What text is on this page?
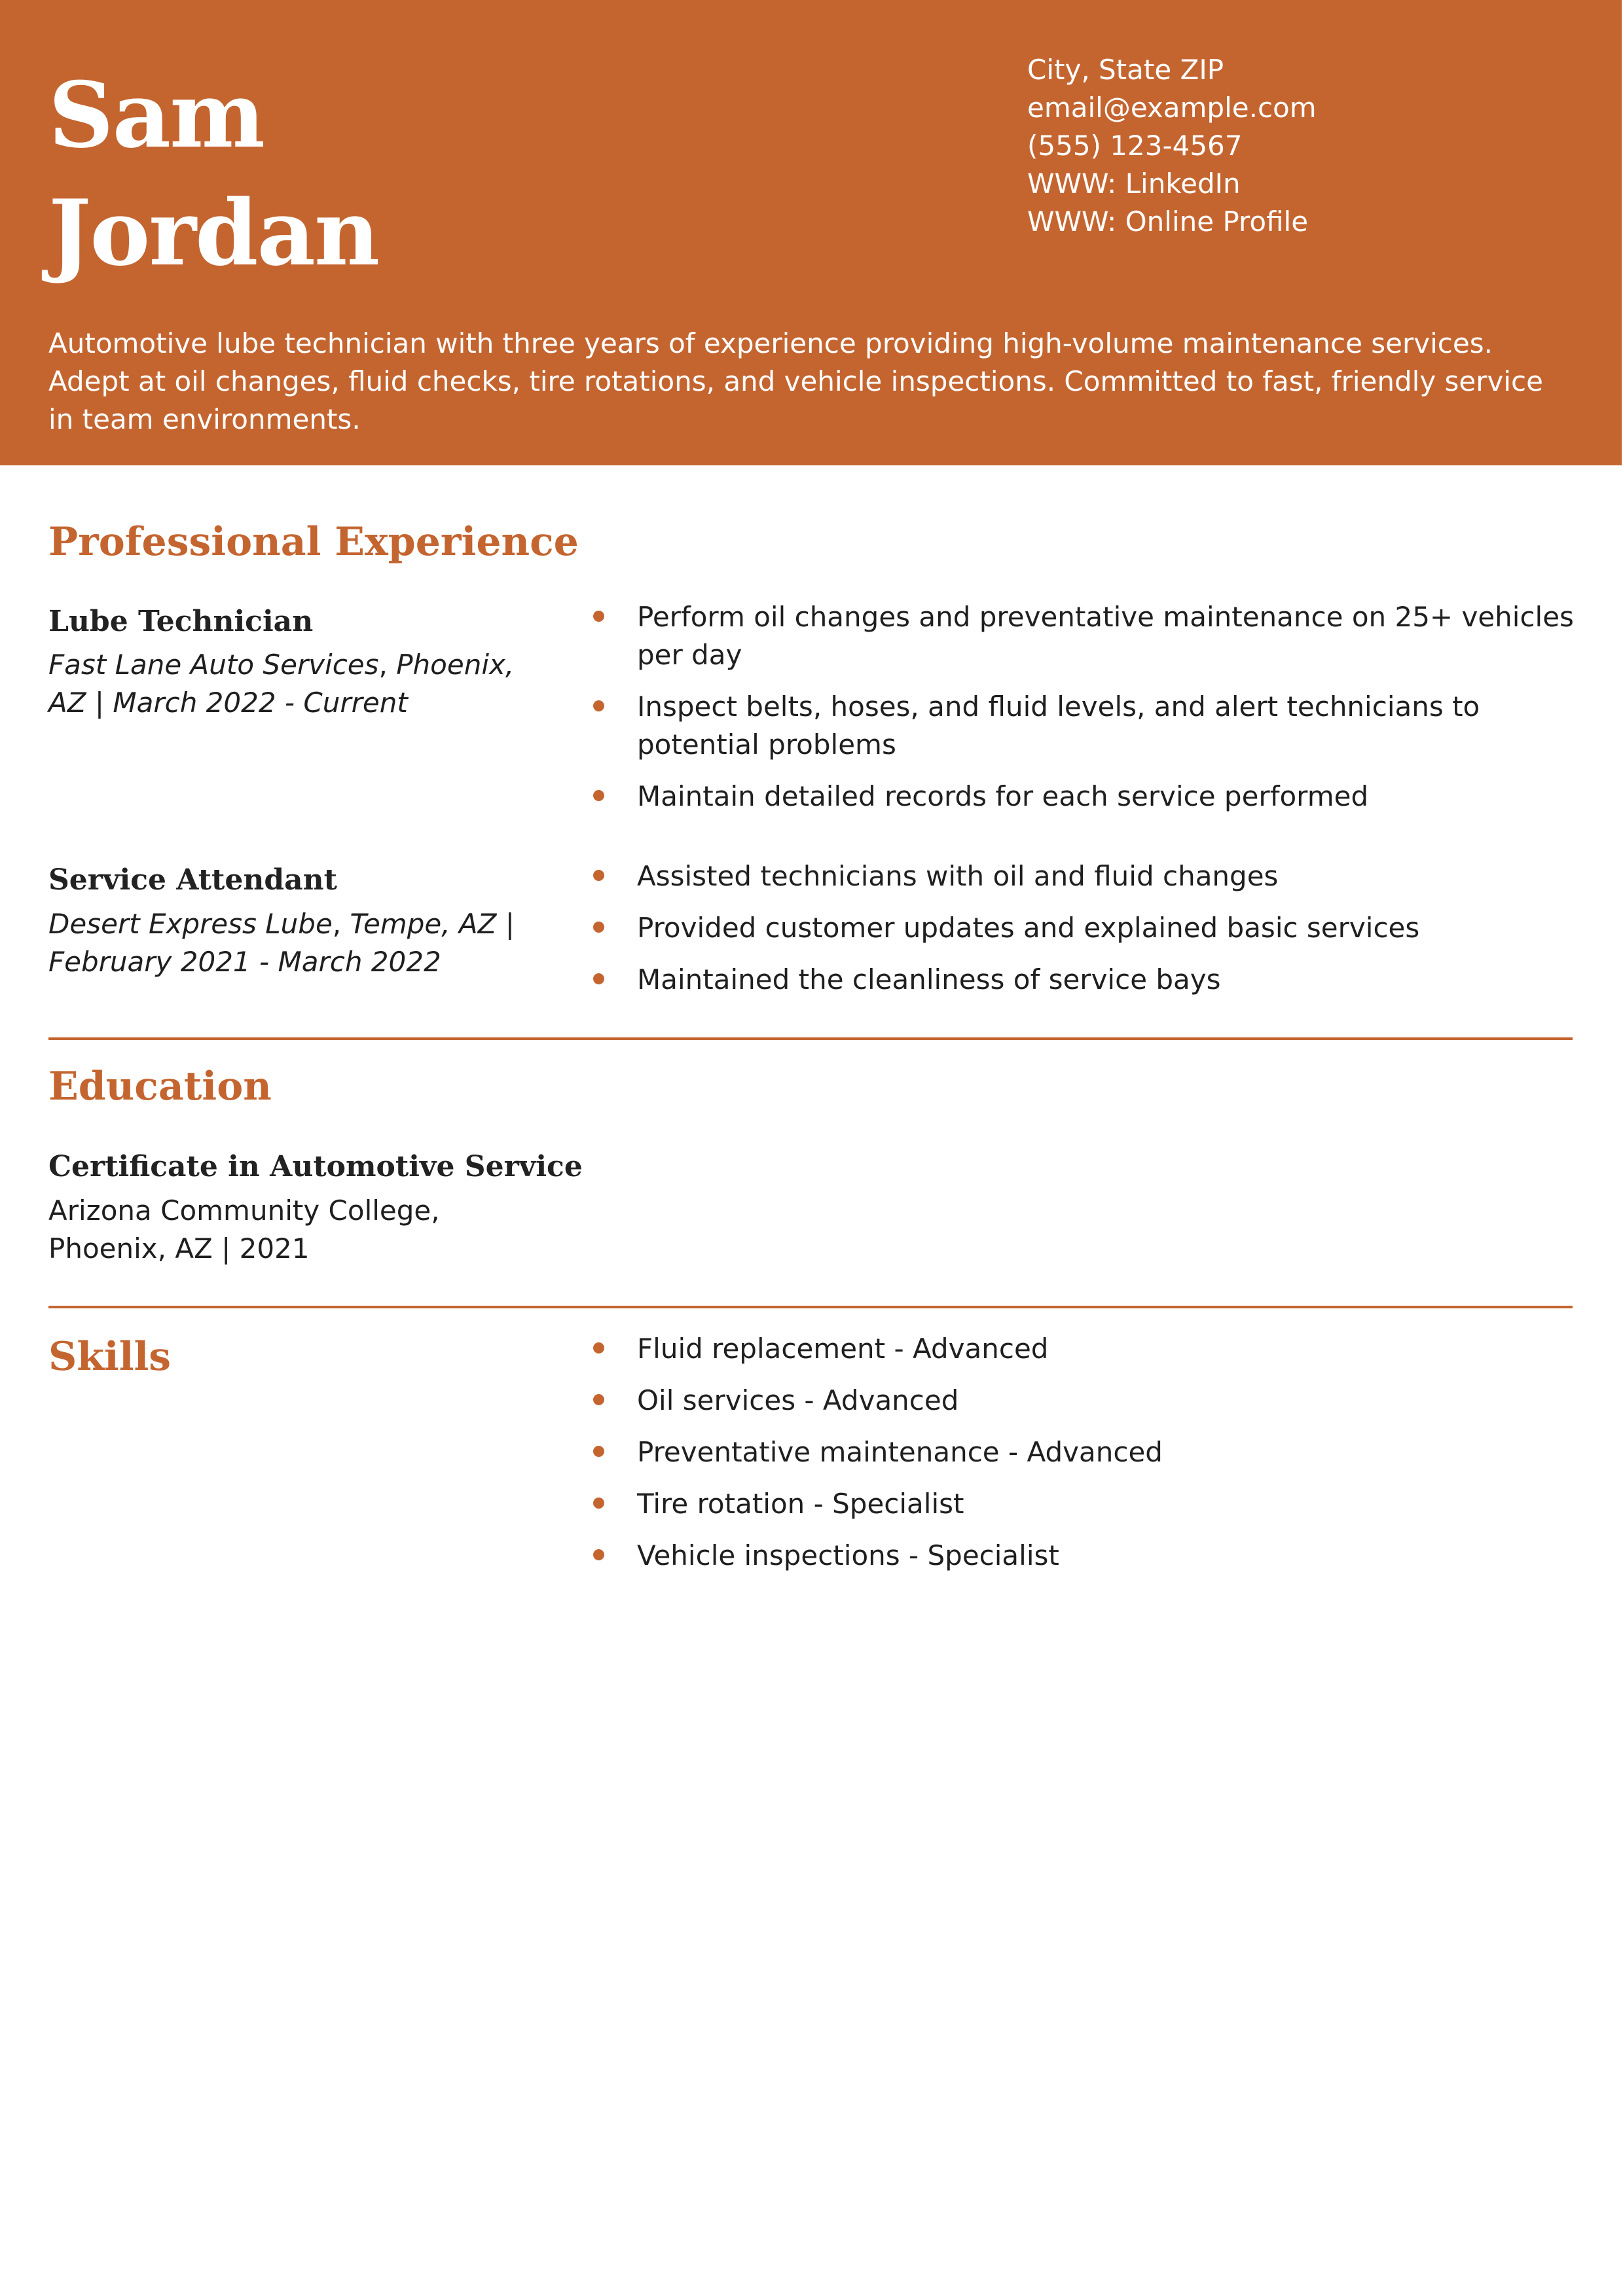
Sam
Jordan
City, State ZIP
email@example.com
(555) 123-4567
WWW: LinkedIn
WWW: Online Profile

Automotive lube technician with three years of experience providing high-volume maintenance services. Adept at oil changes, fluid checks, tire rotations, and vehicle inspections. Committed to fast, friendly service in team environments.

Professional Experience
Lube Technician

Fast Lane Auto Services, Phoenix, AZ | March 2022 - Current

Perform oil changes and preventative maintenance on 25+ vehicles per day
Inspect belts, hoses, and fluid levels, and alert technicians to potential problems
Maintain detailed records for each service performed
Service Attendant

Desert Express Lube, Tempe, AZ | February 2021 - March 2022

Assisted technicians with oil and fluid changes
Provided customer updates and explained basic services
Maintained the cleanliness of service bays
Education
Certificate in Automotive Service

Arizona Community College,

Phoenix, AZ | 2021

Skills	Fluid replacement - Advanced
Oil services - Advanced
Preventative maintenance - Advanced
Tire rotation - Specialist
Vehicle inspections - Specialist
